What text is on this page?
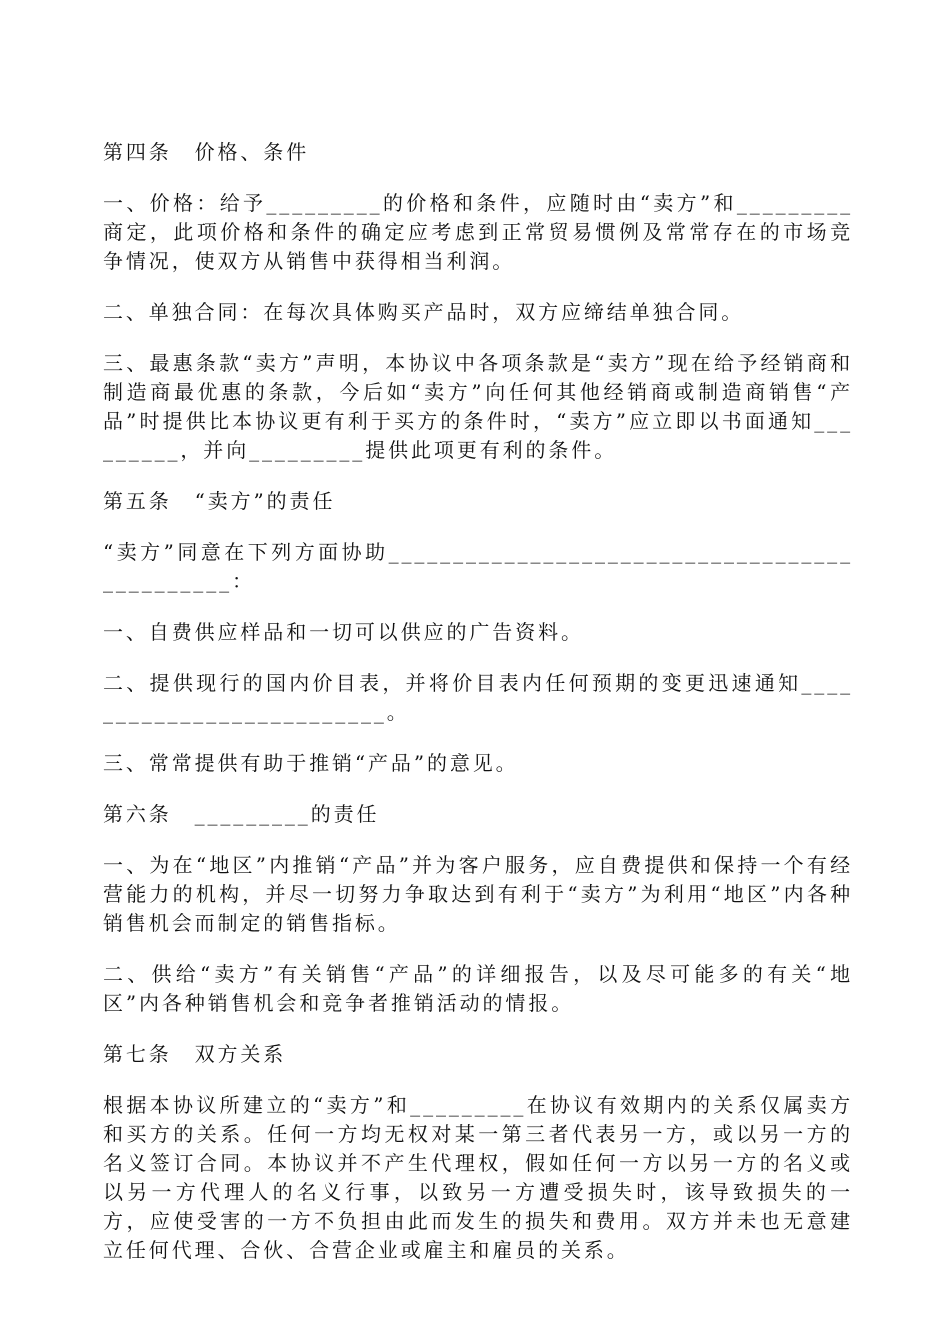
第四条　价格、条件

一、价格：给予_________的价格和条件，应随时由“卖方”和_________商定，此项价格和条件的确定应考虑到正常贸易惯例及常常存在的市场竞争情况，使双方从销售中获得相当利润。

二、单独合同：在每次具体购买产品时，双方应缔结单独合同。

三、最惠条款“卖方”声明，本协议中各项条款是“卖方”现在给予经销商和制造商最优惠的条款，今后如“卖方”向任何其他经销商或制造商销售“产品”时提供比本协议更有利于买方的条件时，“卖方”应立即以书面通知_________，并向_________提供此项更有利的条件。

第五条　“卖方”的责任

“卖方”同意在下列方面协助______________________________________________：

一、自费供应样品和一切可以供应的广告资料。

二、提供现行的国内价目表，并将价目表内任何预期的变更迅速通知__________________________。

三、常常提供有助于推销“产品”的意见。

第六条　_________的责任

一、为在“地区”内推销“产品”并为客户服务，应自费提供和保持一个有经营能力的机构，并尽一切努力争取达到有利于“卖方”为利用“地区”内各种销售机会而制定的销售指标。

二、供给“卖方”有关销售“产品”的详细报告，以及尽可能多的有关“地区”内各种销售机会和竞争者推销活动的情报。

第七条　双方关系

根据本协议所建立的“卖方”和_________在协议有效期内的关系仅属卖方和买方的关系。任何一方均无权对某一第三者代表另一方，或以另一方的名义签订合同。本协议并不产生代理权，假如任何一方以另一方的名义或以另一方代理人的名义行事，以致另一方遭受损失时，该导致损失的一方，应使受害的一方不负担由此而发生的损失和费用。双方并未也无意建立任何代理、合伙、合营企业或雇主和雇员的关系。
